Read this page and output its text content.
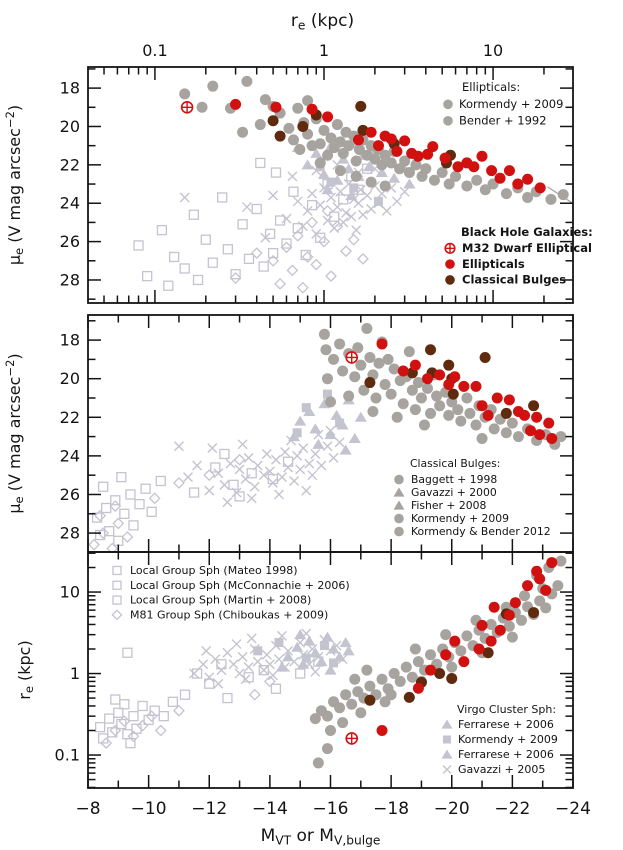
0.1	1	10
$r_e$ (kpc)
18
20
22
24
26
28
$\mu_e$ (V mag arcsec$^{-2}$)
Ellipticals:
Kormendy + 2009
Bender + 1992
Black Hole Galaxies:
M32 Dwarf Elliptical
Ellipticals
Classical Bulges
18
20
22
24
26
28
$\mu_e$ (V mag arcsec$^{-2}$)
Classical Bulges:
Baggett + 1998
Gavazzi + 2000
Fisher + 2008
Kormendy + 2009
Kormendy & Bender 2012
−8 −10 −12 −14 −16 −18 −20 −22 −24
$M_{VT}$ or $M_{V,bulge}$
0.1
1
10
$r_e$ (kpc)
Local Group Sph (Mateo 1998)
Local Group Sph (McConnachie + 2006)
Local Group Sph (Martin + 2008)
M81 Group Sph (Chiboukas + 2009)
Virgo Cluster Sph:
Ferrarese + 2006
Kormendy + 2009
Ferrarese + 2006
Gavazzi + 2005
